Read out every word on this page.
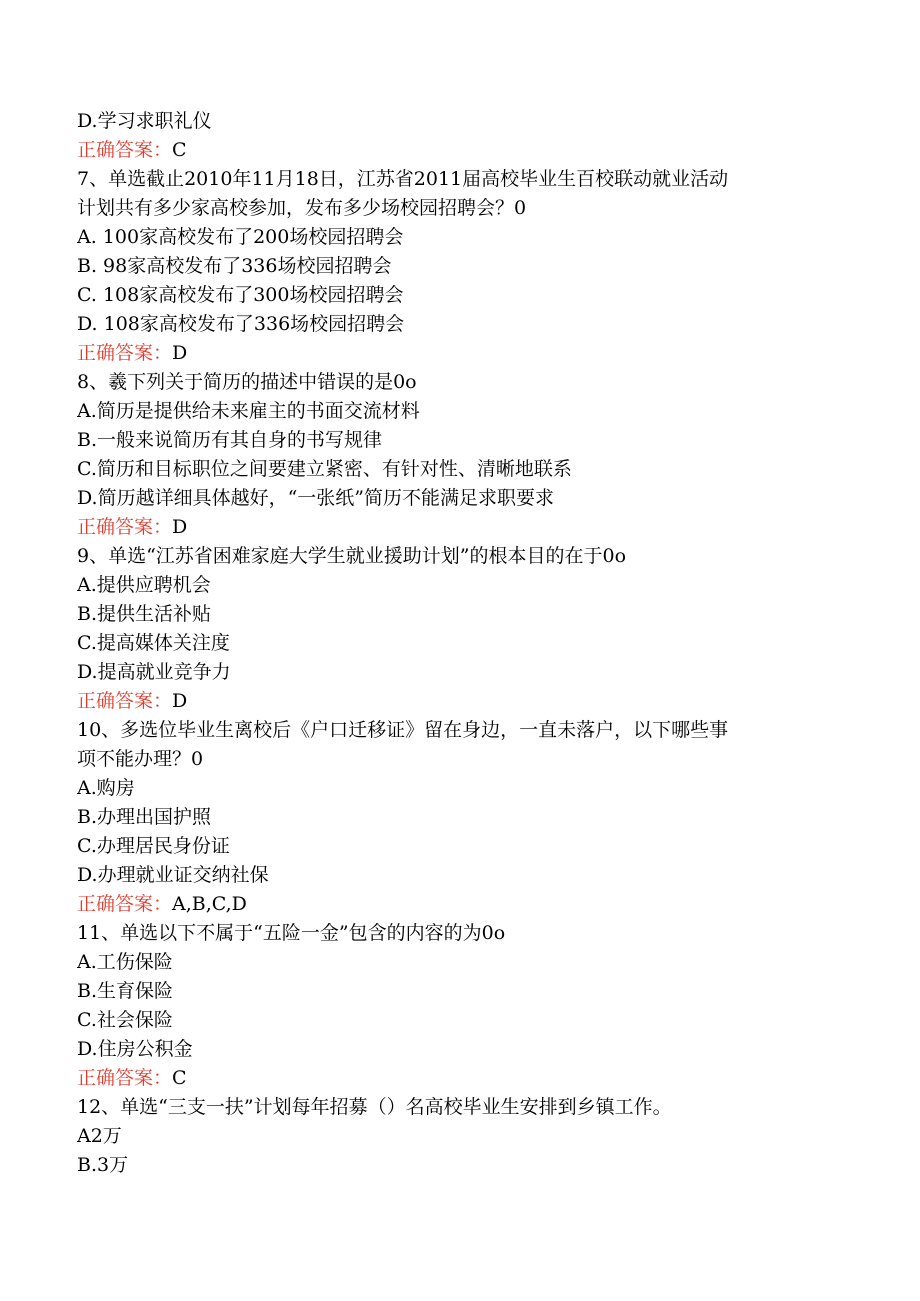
D.学习求职礼仪
正确答案：C
7、单选截止2010年11月18日，江苏省2011届高校毕业生百校联动就业活动
计划共有多少家高校参加，发布多少场校园招聘会？0
A. 100家高校发布了200场校园招聘会
B. 98家高校发布了336场校园招聘会
C. 108家高校发布了300场校园招聘会
D. 108家高校发布了336场校园招聘会
正确答案：D
8、羲下列关于简历的描述中错误的是0o
A.简历是提供给未来雇主的书面交流材料
B.一般来说简历有其自身的书写规律
C.简历和目标职位之间要建立紧密、有针对性、清晰地联系
D.简历越详细具体越好，“一张纸”简历不能满足求职要求
正确答案：D
9、单选“江苏省困难家庭大学生就业援助计划”的根本目的在于0o
A.提供应聘机会
B.提供生活补贴
C.提高媒体关注度
D.提高就业竞争力
正确答案：D
10、多选位毕业生离校后《户口迁移证》留在身边，一直未落户，以下哪些事
项不能办理？0
A.购房
B.办理出国护照
C.办理居民身份证
D.办理就业证交纳社保
正确答案：A,B,C,D
11、单选以下不属于“五险一金”包含的内容的为0o
A.工伤保险
B.生育保险
C.社会保险
D.住房公积金
正确答案：C
12、单选“三支一扶”计划每年招募（）名高校毕业生安排到乡镇工作。
A2万
B.3万
